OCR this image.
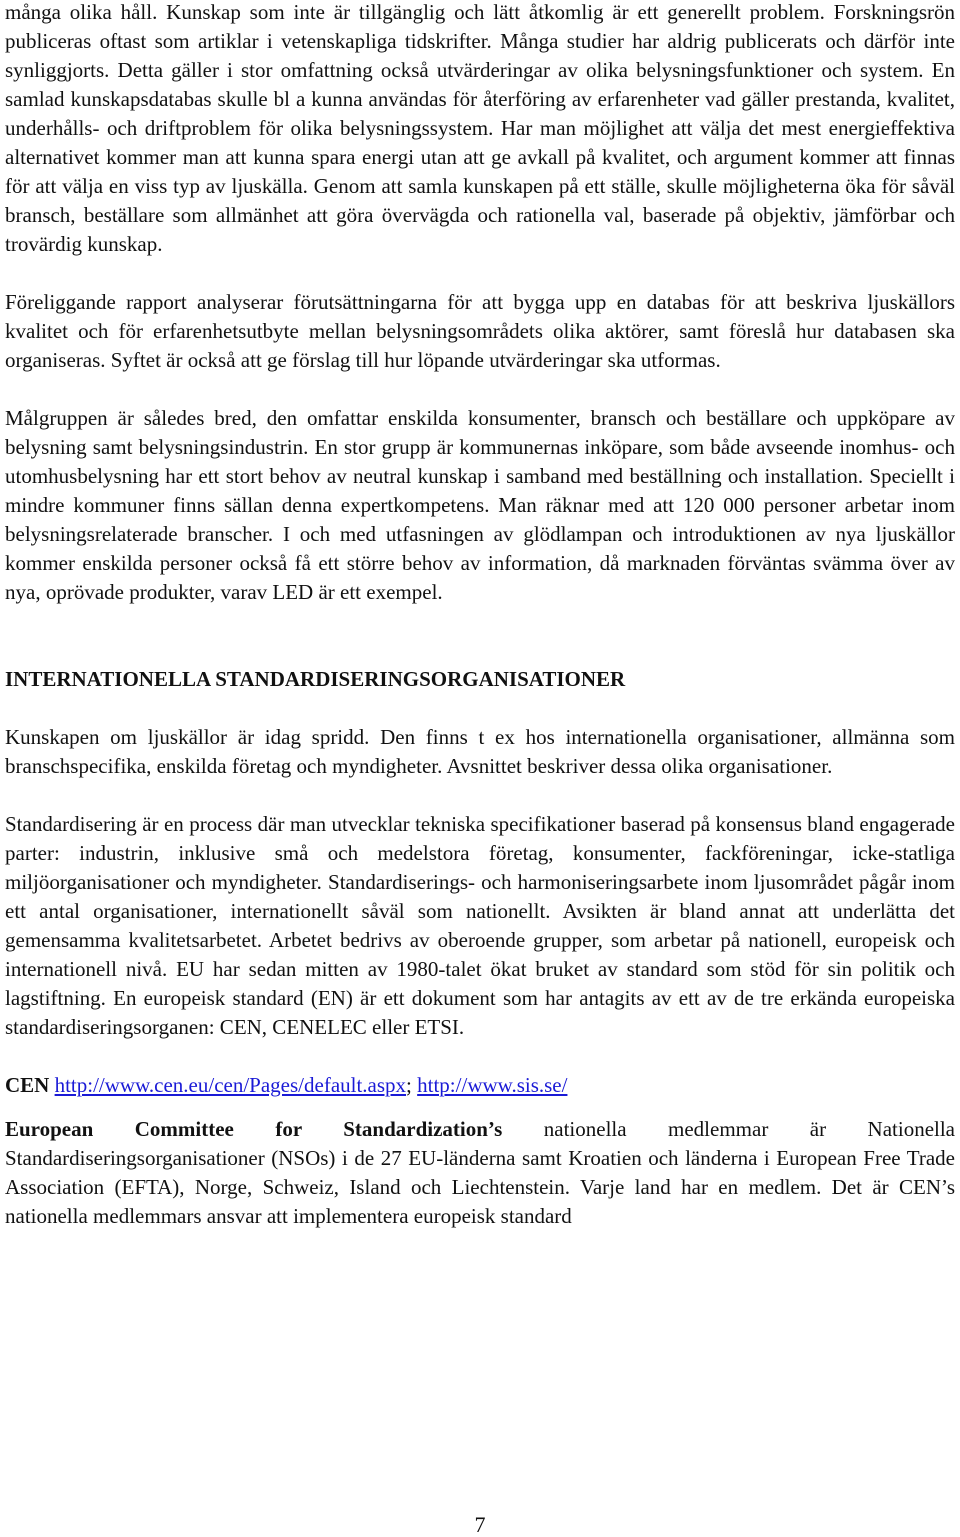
många olika håll. Kunskap som inte är tillgänglig och lätt åtkomlig är ett generellt problem. Forskningsrön publiceras oftast som artiklar i vetenskapliga tidskrifter. Många studier har aldrig publicerats och därför inte synliggjorts. Detta gäller i stor omfattning också utvärderingar av olika belysningsfunktioner och system. En samlad kunskapsdatabas skulle bl a kunna användas för återföring av erfarenheter vad gäller prestanda, kvalitet, underhålls- och driftproblem för olika belysningssystem. Har man möjlighet att välja det mest energieffektiva alternativet kommer man att kunna spara energi utan att ge avkall på kvalitet, och argument kommer att finnas för att välja en viss typ av ljuskälla. Genom att samla kunskapen på ett ställe, skulle möjligheterna öka för såväl bransch, beställare som allmänhet att göra övervägda och rationella val, baserade på objektiv, jämförbar och trovärdig kunskap.

Föreliggande rapport analyserar förutsättningarna för att bygga upp en databas för att beskriva ljuskällors kvalitet och för erfarenhetsutbyte mellan belysningsområdets olika aktörer, samt föreslå hur databasen ska organiseras. Syftet är också att ge förslag till hur löpande utvärderingar ska utformas.

Målgruppen är således bred, den omfattar enskilda konsumenter, bransch och beställare och uppköpare av belysning samt belysningsindustrin. En stor grupp är kommunernas inköpare, som både avseende inomhus- och utomhusbelysning har ett stort behov av neutral kunskap i samband med beställning och installation. Speciellt i mindre kommuner finns sällan denna expertkompetens. Man räknar med att 120 000 personer arbetar inom belysningsrelaterade branscher. I och med utfasningen av glödlampan och introduktionen av nya ljuskällor kommer enskilda personer också få ett större behov av information, då marknaden förväntas svämma över av nya, oprövade produkter, varav LED är ett exempel.

INTERNATIONELLA STANDARDISERINGSORGANISATIONER

Kunskapen om ljuskällor är idag spridd. Den finns t ex hos internationella organisationer, allmänna som branschspecifika, enskilda företag och myndigheter. Avsnittet beskriver dessa olika organisationer.

Standardisering är en process där man utvecklar tekniska specifikationer baserad på konsensus bland engagerade parter: industrin, inklusive små och medelstora företag, konsumenter, fackföreningar, icke-statliga miljöorganisationer och myndigheter. Standardiserings- och harmoniseringsarbete inom ljusområdet pågår inom ett antal organisationer, internationellt såväl som nationellt. Avsikten är bland annat att underlätta det gemensamma kvalitetsarbetet. Arbetet bedrivs av oberoende grupper, som arbetar på nationell, europeisk och internationell nivå. EU har sedan mitten av 1980-talet ökat bruket av standard som stöd för sin politik och lagstiftning. En europeisk standard (EN) är ett dokument som har antagits av ett av de tre erkända europeiska standardiseringsorganen: CEN, CENELEC eller ETSI.

CEN http://www.cen.eu/cen/Pages/default.aspx; http://www.sis.se/

European Committee for Standardization’s nationella medlemmar är Nationella Standardiseringsorganisationer (NSOs) i de 27 EU-länderna samt Kroatien och länderna i European Free Trade Association (EFTA), Norge, Schweiz, Island och Liechtenstein. Varje land har en medlem. Det är CEN’s nationella medlemmars ansvar att implementera europeisk standard

7
